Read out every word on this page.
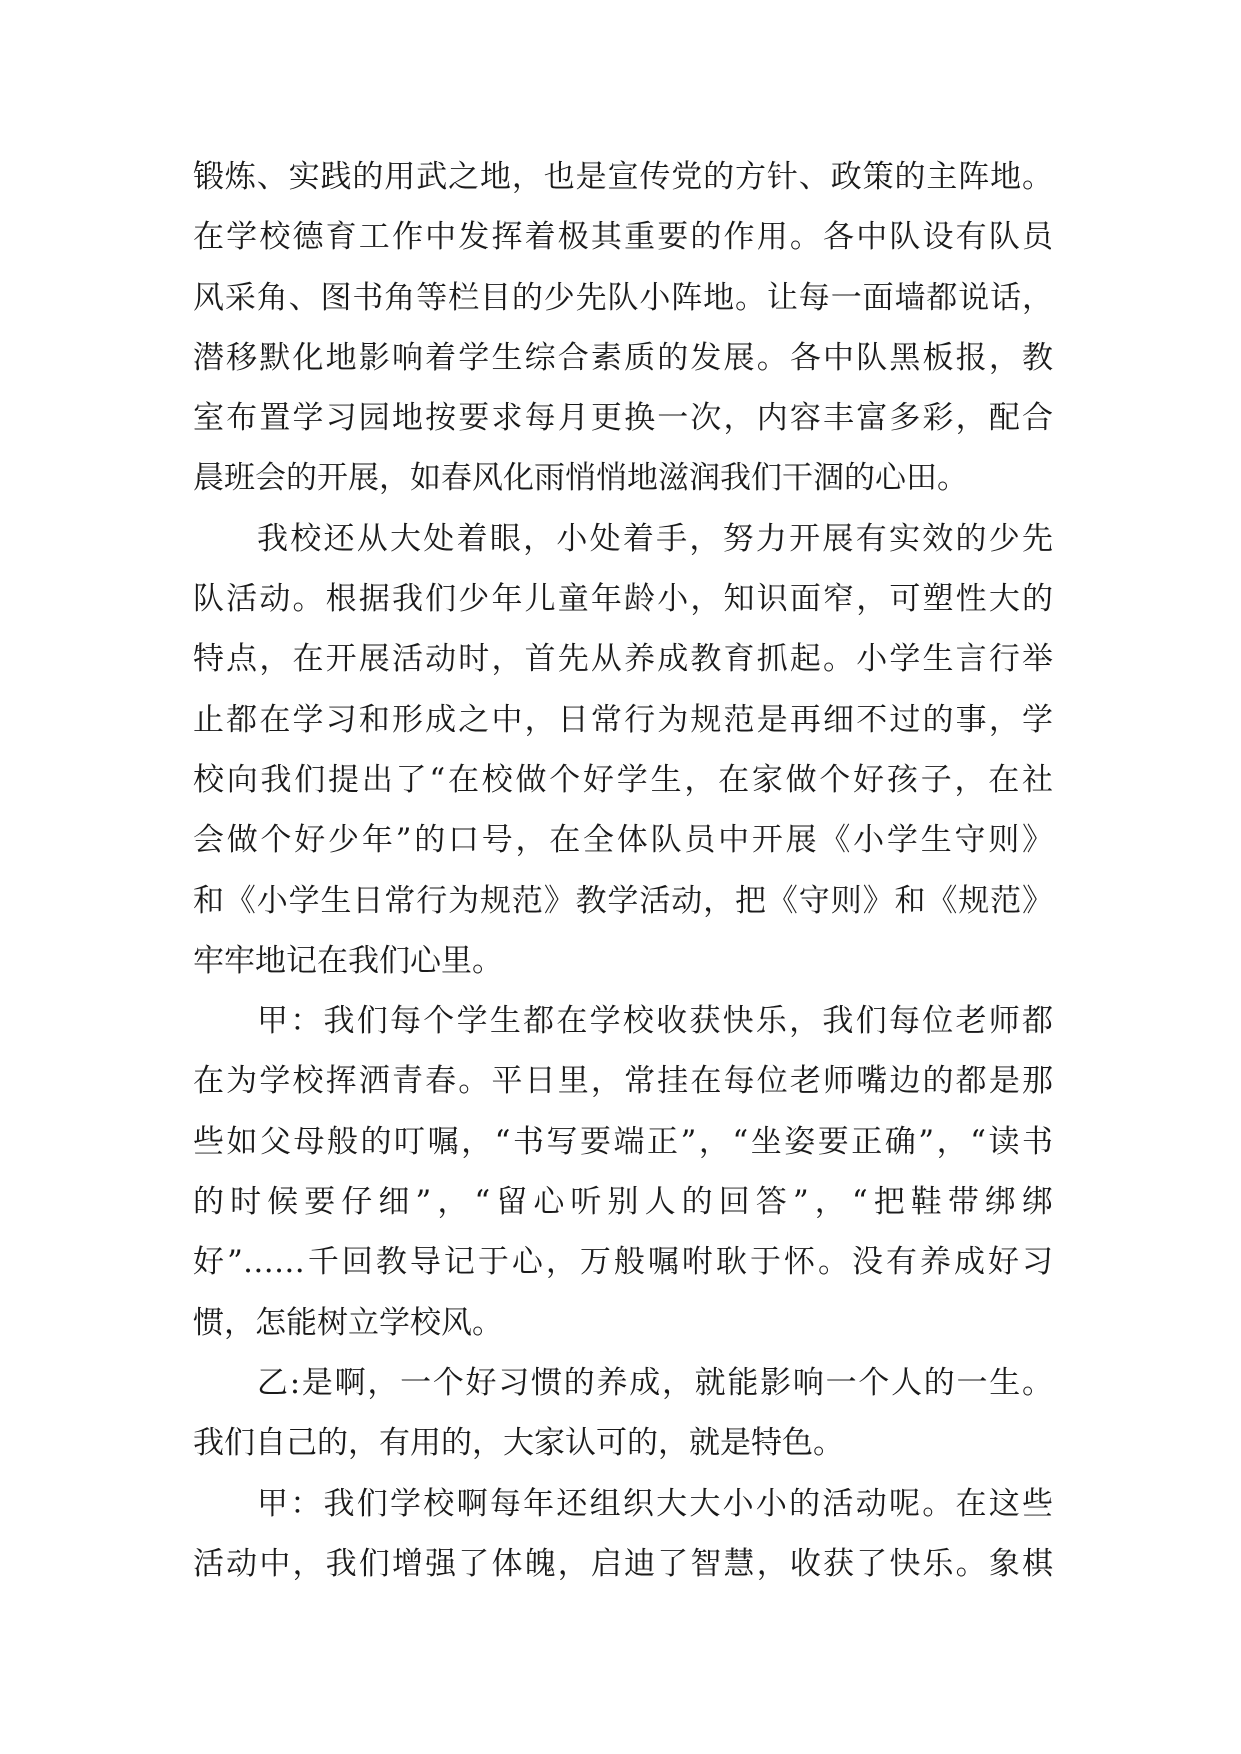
锻炼、实践的用武之地，也是宣传党的方针、政策的主阵地。
在学校德育工作中发挥着极其重要的作用。各中队设有队员
风采角、图书角等栏目的少先队小阵地。让每一面墙都说话，
潜移默化地影响着学生综合素质的发展。各中队黑板报，教
室布置学习园地按要求每月更换一次，内容丰富多彩，配合
晨班会的开展，如春风化雨悄悄地滋润我们干涸的心田。
我校还从大处着眼，小处着手，努力开展有实效的少先
队活动。根据我们少年儿童年龄小，知识面窄，可塑性大的
特点，在开展活动时，首先从养成教育抓起。小学生言行举
止都在学习和形成之中，日常行为规范是再细不过的事，学
校向我们提出了“在校做个好学生，在家做个好孩子，在社
会做个好少年”的口号，在全体队员中开展《小学生守则》
和《小学生日常行为规范》教学活动，把《守则》和《规范》
牢牢地记在我们心里。
甲：我们每个学生都在学校收获快乐，我们每位老师都
在为学校挥洒青春。平日里，常挂在每位老师嘴边的都是那
些如父母般的叮嘱，“书写要端正”，“坐姿要正确”，“读书
的时候要仔细”，“留心听别人的回答”，“把鞋带绑绑
好”……千回教导记于心，万般嘱咐耿于怀。没有养成好习
惯，怎能树立学校风。
乙:是啊，一个好习惯的养成，就能影响一个人的一生。
我们自己的，有用的，大家认可的，就是特色。
甲：我们学校啊每年还组织大大小小的活动呢。在这些
活动中，我们增强了体魄，启迪了智慧，收获了快乐。象棋
